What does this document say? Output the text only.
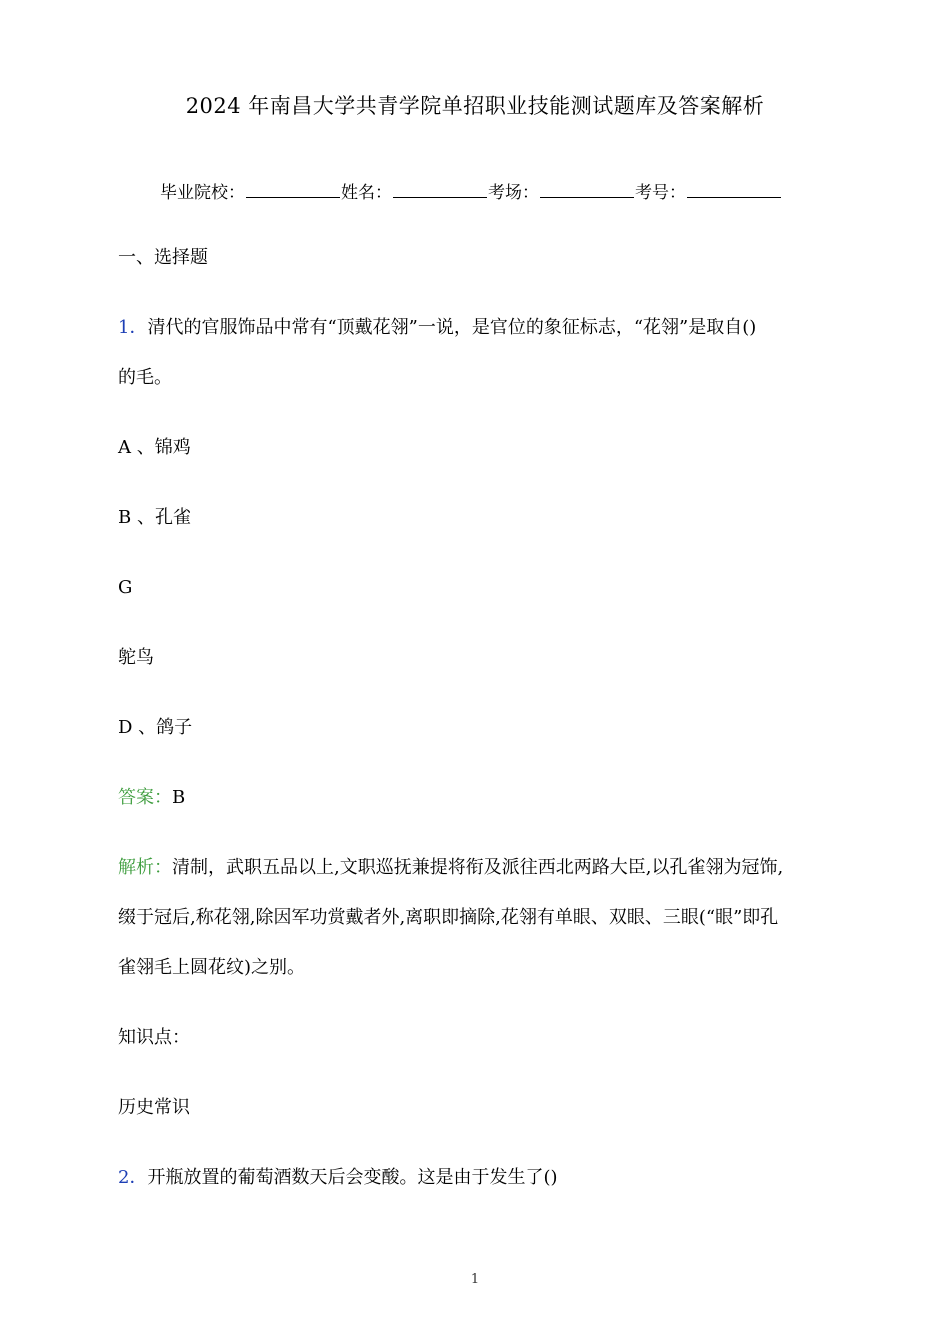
2024 年南昌大学共青学院单招职业技能测试题库及答案解析
毕业院校：	姓名：	考场：	考号：
一、选择题
1．清代的官服饰品中常有“顶戴花翎”一说，是官位的象征标志，“花翎”是取自()
的毛。
A 、锦鸡
B 、孔雀
G
鸵鸟
D 、鸽子
答案：B
解析：清制，武职五品以上,文职巡抚兼提将衔及派往西北两路大臣,以孔雀翎为冠饰,
缀于冠后,称花翎,除因军功赏戴者外,离职即摘除,花翎有单眼、双眼、三眼(“眼”即孔
雀翎毛上圆花纹)之别。
知识点：
历史常识
2．开瓶放置的葡萄酒数天后会变酸。这是由于发生了()
1
